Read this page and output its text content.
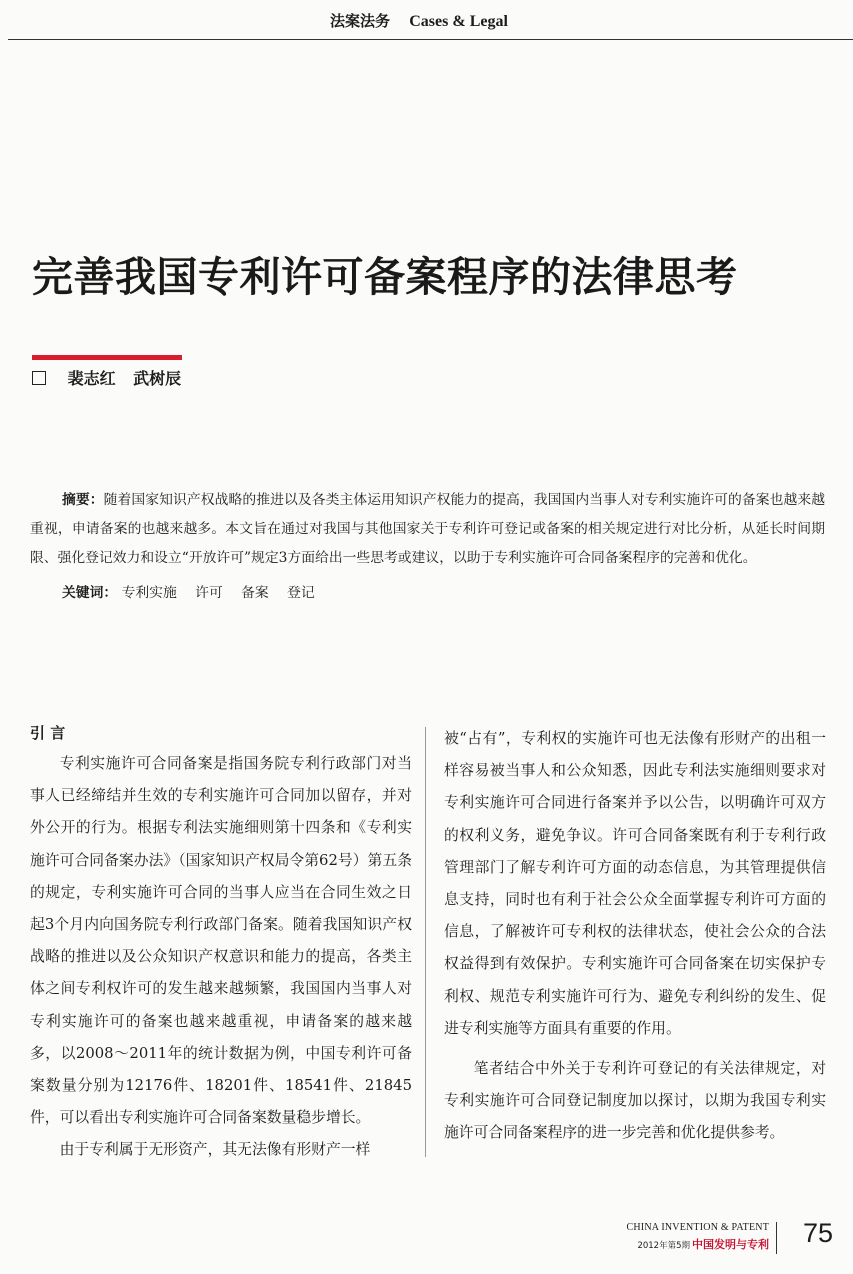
法案法务 Cases & Legal
完善我国专利许可备案程序的法律思考
裴志红 武树辰

摘要：随着国家知识产权战略的推进以及各类主体运用知识产权能力的提高，我国国内当事人对专利实施许可的备案也越来越重视，申请备案的也越来越多。本文旨在通过对我国与其他国家关于专利许可登记或备案的相关规定进行对比分析，从延长时间期限、强化登记效力和设立“开放许可”规定3方面给出一些思考或建议，以助于专利实施许可合同备案程序的完善和优化。

关键词： 专利实施 许可 备案 登记

引 言

专利实施许可合同备案是指国务院专利行政部门对当事人已经缔结并生效的专利实施许可合同加以留存，并对外公开的行为。根据专利法实施细则第十四条和《专利实施许可合同备案办法》（国家知识产权局令第62号）第五条的规定，专利实施许可合同的当事人应当在合同生效之日起3个月内向国务院专利行政部门备案。随着我国知识产权战略的推进以及公众知识产权意识和能力的提高，各类主体之间专利权许可的发生越来越频繁，我国国内当事人对专利实施许可的备案也越来越重视，申请备案的越来越多，以2008～2011年的统计数据为例，中国专利许可备案数量分别为12176件、18201件、18541件、21845件，可以看出专利实施许可合同备案数量稳步增长。

由于专利属于无形资产，其无法像有形财产一样

被“占有”，专利权的实施许可也无法像有形财产的出租一样容易被当事人和公众知悉，因此专利法实施细则要求对专利实施许可合同进行备案并予以公告，以明确许可双方的权利义务，避免争议。许可合同备案既有利于专利行政管理部门了解专利许可方面的动态信息，为其管理提供信息支持，同时也有利于社会公众全面掌握专利许可方面的信息，了解被许可专利权的法律状态，使社会公众的合法权益得到有效保护。专利实施许可合同备案在切实保护专利权、规范专利实施许可行为、避免专利纠纷的发生、促进专利实施等方面具有重要的作用。

笔者结合中外关于专利许可登记的有关法律规定，对专利实施许可合同登记制度加以探讨，以期为我国专利实施许可合同备案程序的进一步完善和优化提供参考。

CHINA INVENTION & PATENT
2012年第5期 中国发明与专利 75
